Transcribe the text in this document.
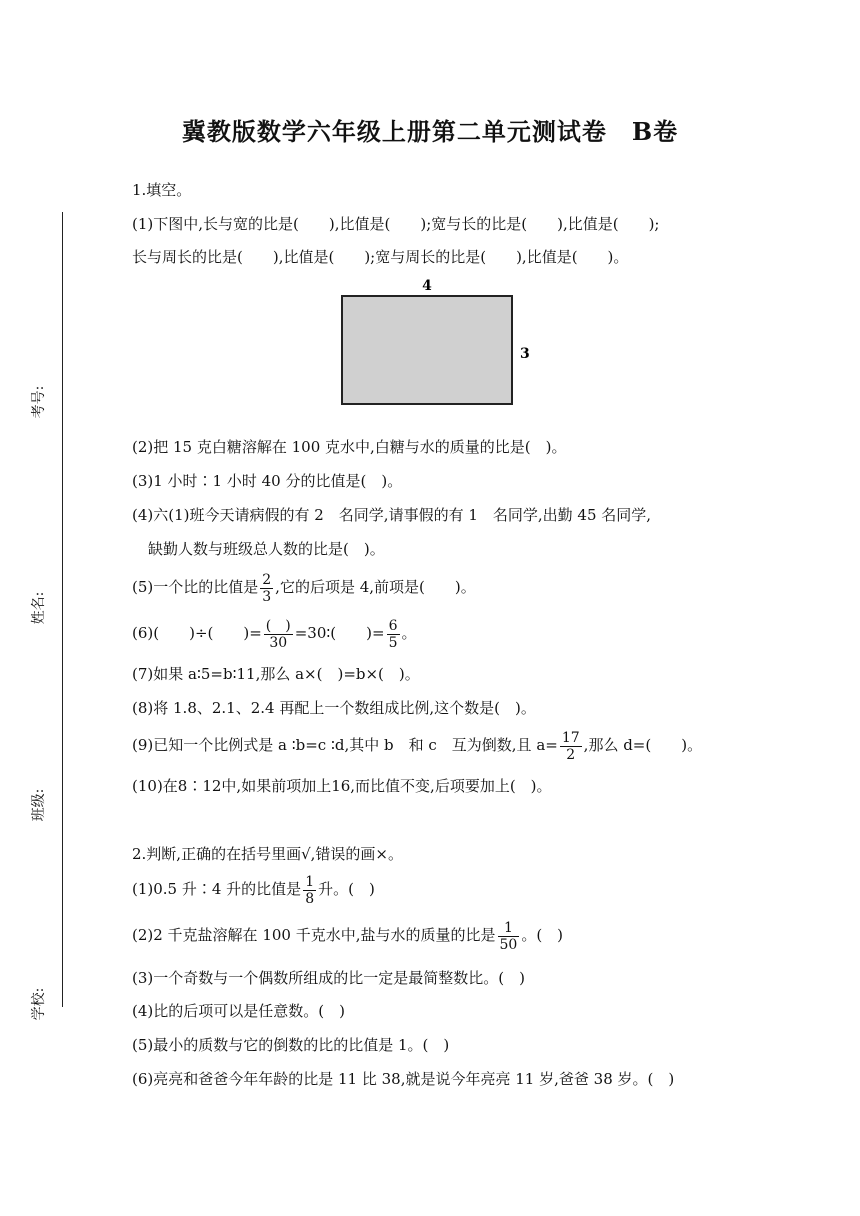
考号:
姓名:
班级:
学校:
冀教版数学六年级上册第二单元测试卷　B卷
1.填空。
(1)下图中,长与宽的比是(　　),比值是(　　);宽与长的比是(　　),比值是(　　);
长与周长的比是(　　),比值是(　　);宽与周长的比是(　　),比值是(　　)。
4
3
(2)把 15 克白糖溶解在 100 克水中,白糖与水的质量的比是(　)。
(3)1 小时∶1 小时 40 分的比值是(　)。
(4)六(1)班今天请病假的有 2　名同学,请事假的有 1　名同学,出勤 45 名同学,
缺勤人数与班级总人数的比是(　)。
(5)一个比的比值是 $\frac{2}{3}$ ,它的后项是 4,前项是(　　)。
(6)(　　)÷(　　)= $\frac{( )}{30}$ =30∶(　　)= $\frac{6}{5}$ 。
(7)如果 a∶5=b∶11,那么 a×(　)=b×(　)。
(8)将 1.8、2.1、2.4 再配上一个数组成比例,这个数是(　)。
(9)已知一个比例式是 a ∶b=c ∶d,其中 b　和 c　互为倒数,且 $a= \frac{17}{2}$ ,那么 d=(　　)。
(10)在8∶12中,如果前项加上16,而比值不变,后项要加上(　)。
2.判断,正确的在括号里画√,错误的画×。
(1)0.5 升∶4 升的比值是 $\frac{1}{8}$ 升。(　)
(2)2 千克盐溶解在 100 千克水中,盐与水的质量的比是 $\frac{1}{50}$ 。(　)
(3)一个奇数与一个偶数所组成的比一定是最简整数比。(　)
(4)比的后项可以是任意数。(　)
(5)最小的质数与它的倒数的比的比值是 1。(　)
(6)亮亮和爸爸今年年龄的比是 11 比 38,就是说今年亮亮 11 岁,爸爸 38 岁。(　)
